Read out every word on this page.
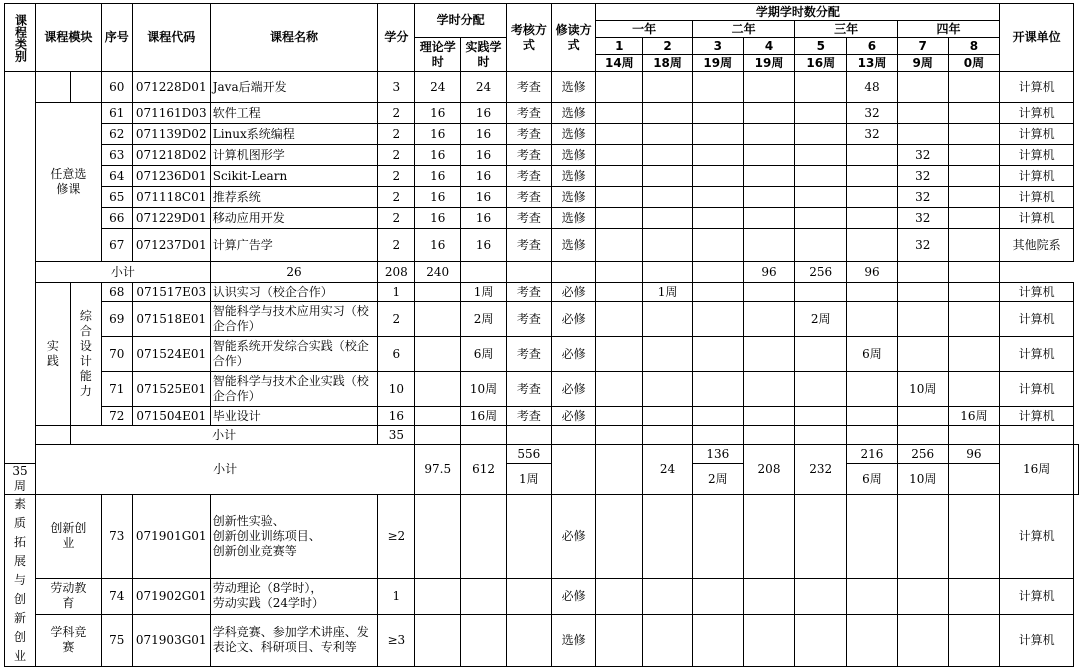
课程类别	课程模块		序号	课程代码	课程名称	学分	学时分配		考核方式	修读方式	学期学时数分配								开课单位	
											一年		二年		三年		四年			
							理论学时	实践学时			1	2	3	4	5	6	7	8		
											14周	18周	19周	19周	16周	13周	9周	0周		
			60	071228D01	Java后端开发	3	24	24	考查	选修						48			计算机	
	任意选修课		61	071161D03	软件工程	2	16	16	考查	选修						32			计算机	
			62	071139D02	Linux系统编程	2	16	16	考查	选修						32			计算机	
			63	071218D02	计算机图形学	2	16	16	考查	选修							32		计算机	
			64	071236D01	Scikit-Learn	2	16	16	考查	选修							32		计算机	
			65	071118C01	推荐系统	2	16	16	考查	选修							32		计算机	
			66	071229D01	移动应用开发	2	16	16	考查	选修							32		计算机	
			67	071237D01	计算广告学	2	16	16	考查	选修							32		其他院系	
	小计				26	208	240							96	256	96				
	实践	综合设计能力	68	071517E03	认识实习（校企合作）	1		1周	考查	必修		1周							计算机	
			69	071518E01	智能科学与技术应用实习（校企合作）	2		2周	考查	必修					2周				计算机	
			70	071524E01	智能系统开发综合实践（校企合作）	6		6周	考查	必修						6周			计算机	
			71	071525E01	智能科学与技术企业实践（校企合作）	10		10周	考查	必修							10周		计算机	
			72	071504E01	毕业设计	16		16周	考查	必修								16周	计算机	
		小计				35														
	小计						97.5	612	556			24	136	208	232	216	256	96	16周	
35周									1周				2周			6周	10周			
素质拓展与创新创业	创新创业		73	071901G01	创新性实验、
创新创业训练项目、
创新创业竞赛等	≥2				必修									计算机	
	劳动教育		74	071902G01	劳动理论（8学时），
劳动实践（24学时）	1				必修									计算机	
	学科竞赛		75	071903G01	学科竞赛、参加学术讲座、发表论文、科研项目、专利等	≥3				选修									计算机	
